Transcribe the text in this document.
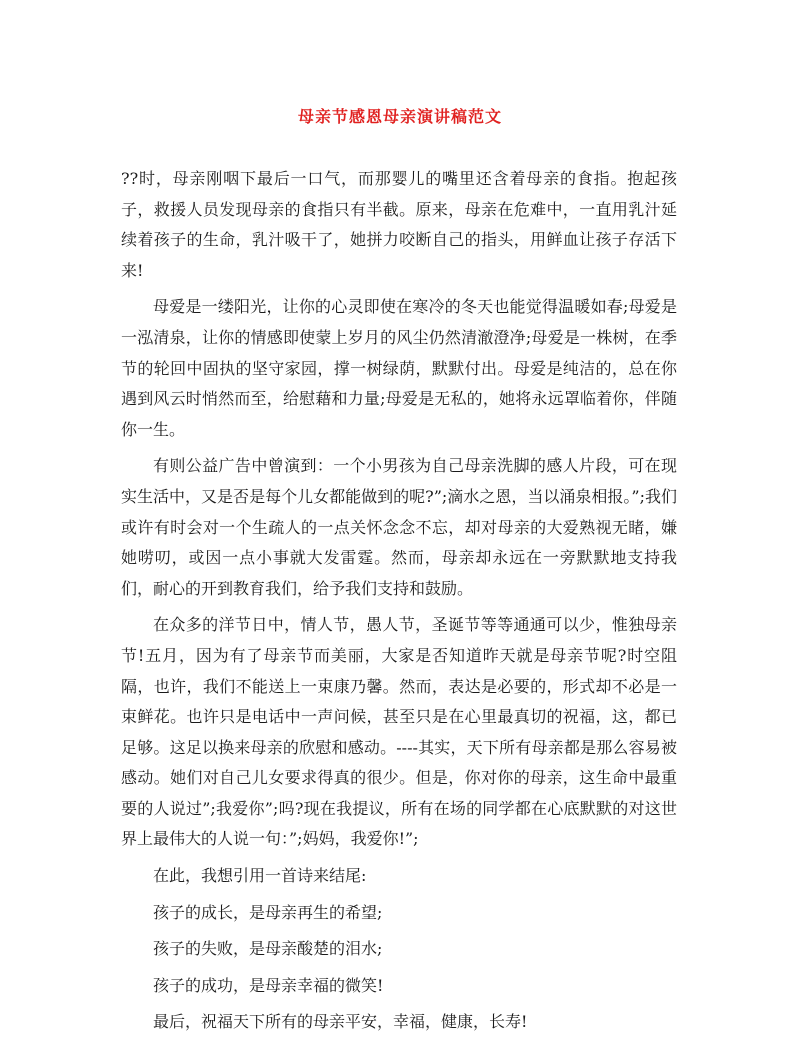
母亲节感恩母亲演讲稿范文

??时，母亲刚咽下最后一口气，而那婴儿的嘴里还含着母亲的食指。抱起孩子，救援人员发现母亲的食指只有半截。原来，母亲在危难中，一直用乳汁延续着孩子的生命，乳汁吸干了，她拼力咬断自己的指头，用鲜血让孩子存活下来!

母爱是一缕阳光，让你的心灵即使在寒冷的冬天也能觉得温暖如春;母爱是一泓清泉，让你的情感即使蒙上岁月的风尘仍然清澈澄净;母爱是一株树，在季节的轮回中固执的坚守家园，撑一树绿荫，默默付出。母爱是纯洁的，总在你遇到风云时悄然而至，给慰藉和力量;母爱是无私的，她将永远罩临着你，伴随你一生。

有则公益广告中曾演到：一个小男孩为自己母亲洗脚的感人片段，可在现实生活中，又是否是每个儿女都能做到的呢?”;滴水之恩，当以涌泉相报。”;我们或许有时会对一个生疏人的一点关怀念念不忘，却对母亲的大爱熟视无睹，嫌她唠叨，或因一点小事就大发雷霆。然而，母亲却永远在一旁默默地支持我们，耐心的开到教育我们，给予我们支持和鼓励。

在众多的洋节日中，情人节，愚人节，圣诞节等等通通可以少，惟独母亲节!五月，因为有了母亲节而美丽，大家是否知道昨天就是母亲节呢?时空阻隔，也许，我们不能送上一束康乃馨。然而，表达是必要的，形式却不必是一束鲜花。也许只是电话中一声问候，甚至只是在心里最真切的祝福，这，都已足够。这足以换来母亲的欣慰和感动。----其实，天下所有母亲都是那么容易被感动。她们对自己儿女要求得真的很少。但是，你对你的母亲，这生命中最重要的人说过”;我爱你”;吗?现在我提议，所有在场的同学都在心底默默的对这世界上最伟大的人说一句：”;妈妈，我爱你!”;

在此，我想引用一首诗来结尾:

孩子的成长，是母亲再生的希望;

孩子的失败，是母亲酸楚的泪水;

孩子的成功，是母亲幸福的微笑!

最后，祝福天下所有的母亲平安，幸福，健康，长寿!
